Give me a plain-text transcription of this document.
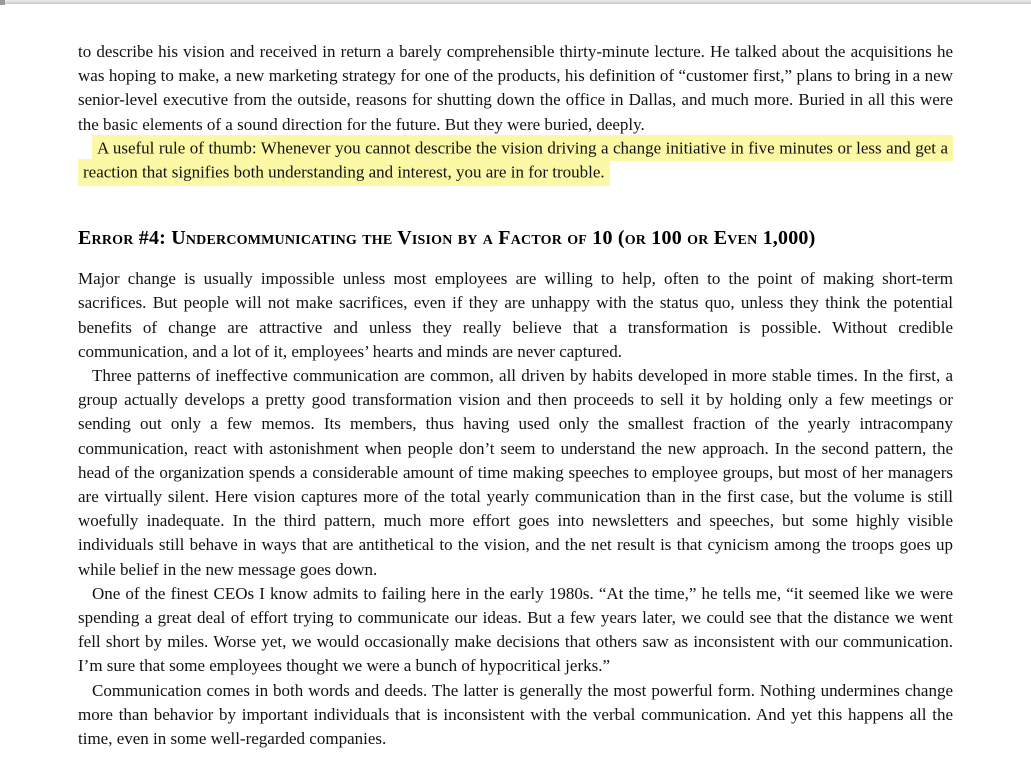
to describe his vision and received in return a barely comprehensible thirty-minute lecture. He talked about the acquisitions he was hoping to make, a new marketing strategy for one of the products, his definition of “customer first,” plans to bring in a new senior-level executive from the outside, reasons for shutting down the office in Dallas, and much more. Buried in all this were the basic elements of a sound direction for the future. But they were buried, deeply.

A useful rule of thumb: Whenever you cannot describe the vision driving a change initiative in five minutes or less and get a reaction that signifies both understanding and interest, you are in for trouble.

Error #4: Undercommunicating the Vision by a Factor of 10 (or 100 or Even 1,000)

Major change is usually impossible unless most employees are willing to help, often to the point of making short-term sacrifices. But people will not make sacrifices, even if they are unhappy with the status quo, unless they think the potential benefits of change are attractive and unless they really believe that a transformation is possible. Without credible communication, and a lot of it, employees’ hearts and minds are never captured.

Three patterns of ineffective communication are common, all driven by habits developed in more stable times. In the first, a group actually develops a pretty good transformation vision and then proceeds to sell it by holding only a few meetings or sending out only a few memos. Its members, thus having used only the smallest fraction of the yearly intracompany communication, react with astonishment when people don’t seem to understand the new approach. In the second pattern, the head of the organization spends a considerable amount of time making speeches to employee groups, but most of her managers are virtually silent. Here vision captures more of the total yearly communication than in the first case, but the volume is still woefully inadequate. In the third pattern, much more effort goes into newsletters and speeches, but some highly visible individuals still behave in ways that are antithetical to the vision, and the net result is that cynicism among the troops goes up while belief in the new message goes down.

One of the finest CEOs I know admits to failing here in the early 1980s. “At the time,” he tells me, “it seemed like we were spending a great deal of effort trying to communicate our ideas. But a few years later, we could see that the distance we went fell short by miles. Worse yet, we would occasionally make decisions that others saw as inconsistent with our communication. I’m sure that some employees thought we were a bunch of hypocritical jerks.”

Communication comes in both words and deeds. The latter is generally the most powerful form. Nothing undermines change more than behavior by important individuals that is inconsistent with the verbal communication. And yet this happens all the time, even in some well-regarded companies.
